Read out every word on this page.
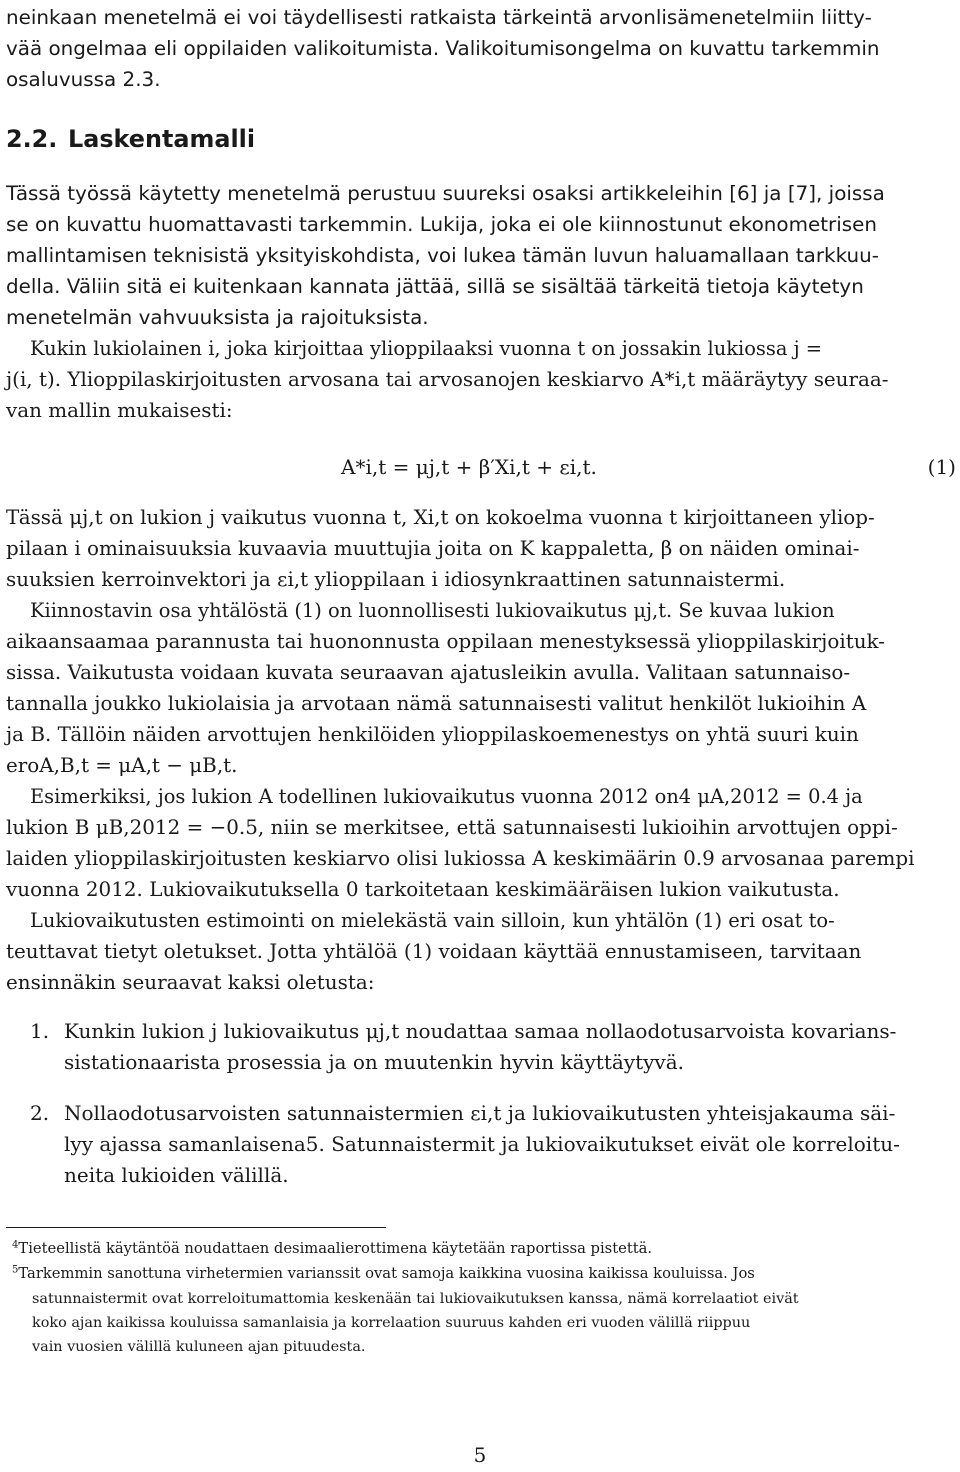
neinkaan menetelmä ei voi täydellisesti ratkaista tärkeintä arvonlisämenetelmiin liitty-
vää ongelmaa eli oppilaiden valikoitumista. Valikoitumisongelma on kuvattu tarkemmin
osaluvussa 2.3.
2.2. Laskentamalli
Tässä työssä käytetty menetelmä perustuu suureksi osaksi artikkeleihin [6] ja [7], joissa
se on kuvattu huomattavasti tarkemmin. Lukija, joka ei ole kiinnostunut ekonometrisen
mallintamisen teknisistä yksityiskohdista, voi lukea tämän luvun haluamallaan tarkkuu-
della. Väliin sitä ei kuitenkaan kannata jättää, sillä se sisältää tärkeitä tietoja käytetyn
menetelmän vahvuuksista ja rajoituksista.
Kukin lukiolainen i, joka kirjoittaa ylioppilaaksi vuonna t on jossakin lukiossa j =
j(i, t). Ylioppilaskirjoitusten arvosana tai arvosanojen keskiarvo A*i,t määräytyy seuraa-
van mallin mukaisesti:
A*i,t = μj,t + β′Xi,t + εi,t.	(1)
Tässä μj,t on lukion j vaikutus vuonna t, Xi,t on kokoelma vuonna t kirjoittaneen yliop-
pilaan i ominaisuuksia kuvaavia muuttujia joita on K kappaletta, β on näiden ominai-
suuksien kerroinvektori ja εi,t ylioppilaan i idiosynkraattinen satunnaistermi.
Kiinnostavin osa yhtälöstä (1) on luonnollisesti lukiovaikutus μj,t. Se kuvaa lukion
aikaansaamaa parannusta tai huononnusta oppilaan menestyksessä ylioppilaskirjoituk-
sissa. Vaikutusta voidaan kuvata seuraavan ajatusleikin avulla. Valitaan satunnaiso-
tannalla joukko lukiolaisia ja arvotaan nämä satunnaisesti valitut henkilöt lukioihin A
ja B. Tällöin näiden arvottujen henkilöiden ylioppilaskoemenestys on yhtä suuri kuin
eroA,B,t = μA,t − μB,t.
Esimerkiksi, jos lukion A todellinen lukiovaikutus vuonna 2012 on4 μA,2012 = 0.4 ja
lukion B μB,2012 = −0.5, niin se merkitsee, että satunnaisesti lukioihin arvottujen oppi-
laiden ylioppilaskirjoitusten keskiarvo olisi lukiossa A keskimäärin 0.9 arvosanaa parempi
vuonna 2012. Lukiovaikutuksella 0 tarkoitetaan keskimääräisen lukion vaikutusta.
Lukiovaikutusten estimointi on mielekästä vain silloin, kun yhtälön (1) eri osat to-
teuttavat tietyt oletukset. Jotta yhtälöä (1) voidaan käyttää ennustamiseen, tarvitaan
ensinnäkin seuraavat kaksi oletusta:
1. Kunkin lukion j lukiovaikutus μj,t noudattaa samaa nollaodotusarvoista kovarians-
sistationaarista prosessia ja on muutenkin hyvin käyttäytyvä.
2. Nollaodotusarvoisten satunnaistermien εi,t ja lukiovaikutusten yhteisjakauma säi-
lyy ajassa samanlaisena5. Satunnaistermit ja lukiovaikutukset eivät ole korreloitu-
neita lukioiden välillä.
$^4$Tieteellistä käytäntöä noudattaen desimaalierottimena käytetään raportissa pistettä.
$^5$Tarkemmin sanottuna virhetermien varianssit ovat samoja kaikkina vuosina kaikissa kouluissa. Jos
satunnaistermit ovat korreloitumattomia keskenään tai lukiovaikutuksen kanssa, nämä korrelaatiot eivät
koko ajan kaikissa kouluissa samanlaisia ja korrelaation suuruus kahden eri vuoden välillä riippuu
vain vuosien välillä kuluneen ajan pituudesta.
5
